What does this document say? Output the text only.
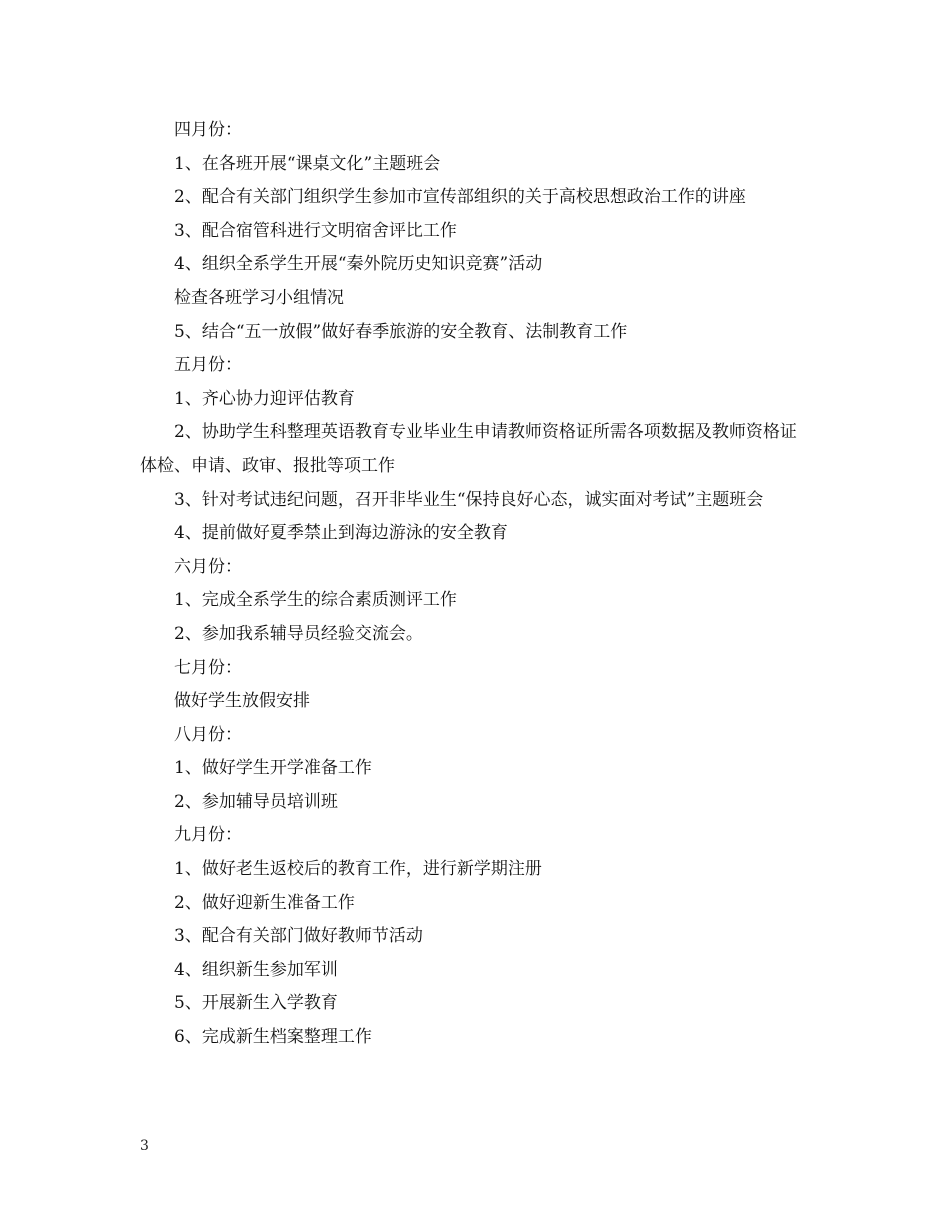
四月份：

1、在各班开展“课桌文化”主题班会

2、配合有关部门组织学生参加市宣传部组织的关于高校思想政治工作的讲座

3、配合宿管科进行文明宿舍评比工作

4、组织全系学生开展“秦外院历史知识竞赛”活动

检查各班学习小组情况

5、结合“五一放假”做好春季旅游的安全教育、法制教育工作

五月份：

1、齐心协力迎评估教育

2、协助学生科整理英语教育专业毕业生申请教师资格证所需各项数据及教师资格证体检、申请、政审、报批等项工作

3、针对考试违纪问题，召开非毕业生“保持良好心态，诚实面对考试”主题班会

4、提前做好夏季禁止到海边游泳的安全教育

六月份：

1、完成全系学生的综合素质测评工作

2、参加我系辅导员经验交流会。

七月份：

做好学生放假安排

八月份：

1、做好学生开学准备工作

2、参加辅导员培训班

九月份：

1、做好老生返校后的教育工作，进行新学期注册

2、做好迎新生准备工作

3、配合有关部门做好教师节活动

4、组织新生参加军训

5、开展新生入学教育

6、完成新生档案整理工作

3
